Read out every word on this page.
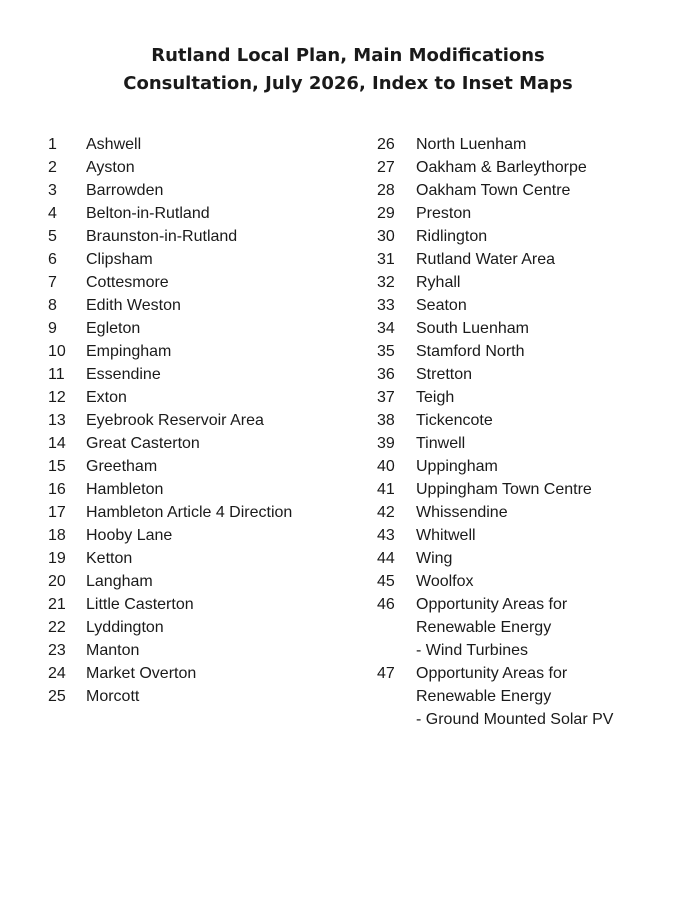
Rutland Local Plan, Main Modifications
Consultation, July 2026, Index to Inset Maps
1	Ashwell
2	Ayston
3	Barrowden
4	Belton-in-Rutland
5	Braunston-in-Rutland
6	Clipsham
7	Cottesmore
8	Edith Weston
9	Egleton
10	Empingham
11	Essendine
12	Exton
13	Eyebrook Reservoir Area
14	Great Casterton
15	Greetham
16	Hambleton
17	Hambleton Article 4 Direction
18	Hooby Lane
19	Ketton
20	Langham
21	Little Casterton
22	Lyddington
23	Manton
24	Market Overton
25	Morcott
26	North Luenham
27	Oakham & Barleythorpe
28	Oakham Town Centre
29	Preston
30	Ridlington
31	Rutland Water Area
32	Ryhall
33	Seaton
34	South Luenham
35	Stamford North
36	Stretton
37	Teigh
38	Tickencote
39	Tinwell
40	Uppingham
41	Uppingham Town Centre
42	Whissendine
43	Whitwell
44	Wing
45	Woolfox
46	Opportunity Areas for
Renewable Energy
- Wind Turbines
47	Opportunity Areas for
Renewable Energy
- Ground Mounted Solar PV
